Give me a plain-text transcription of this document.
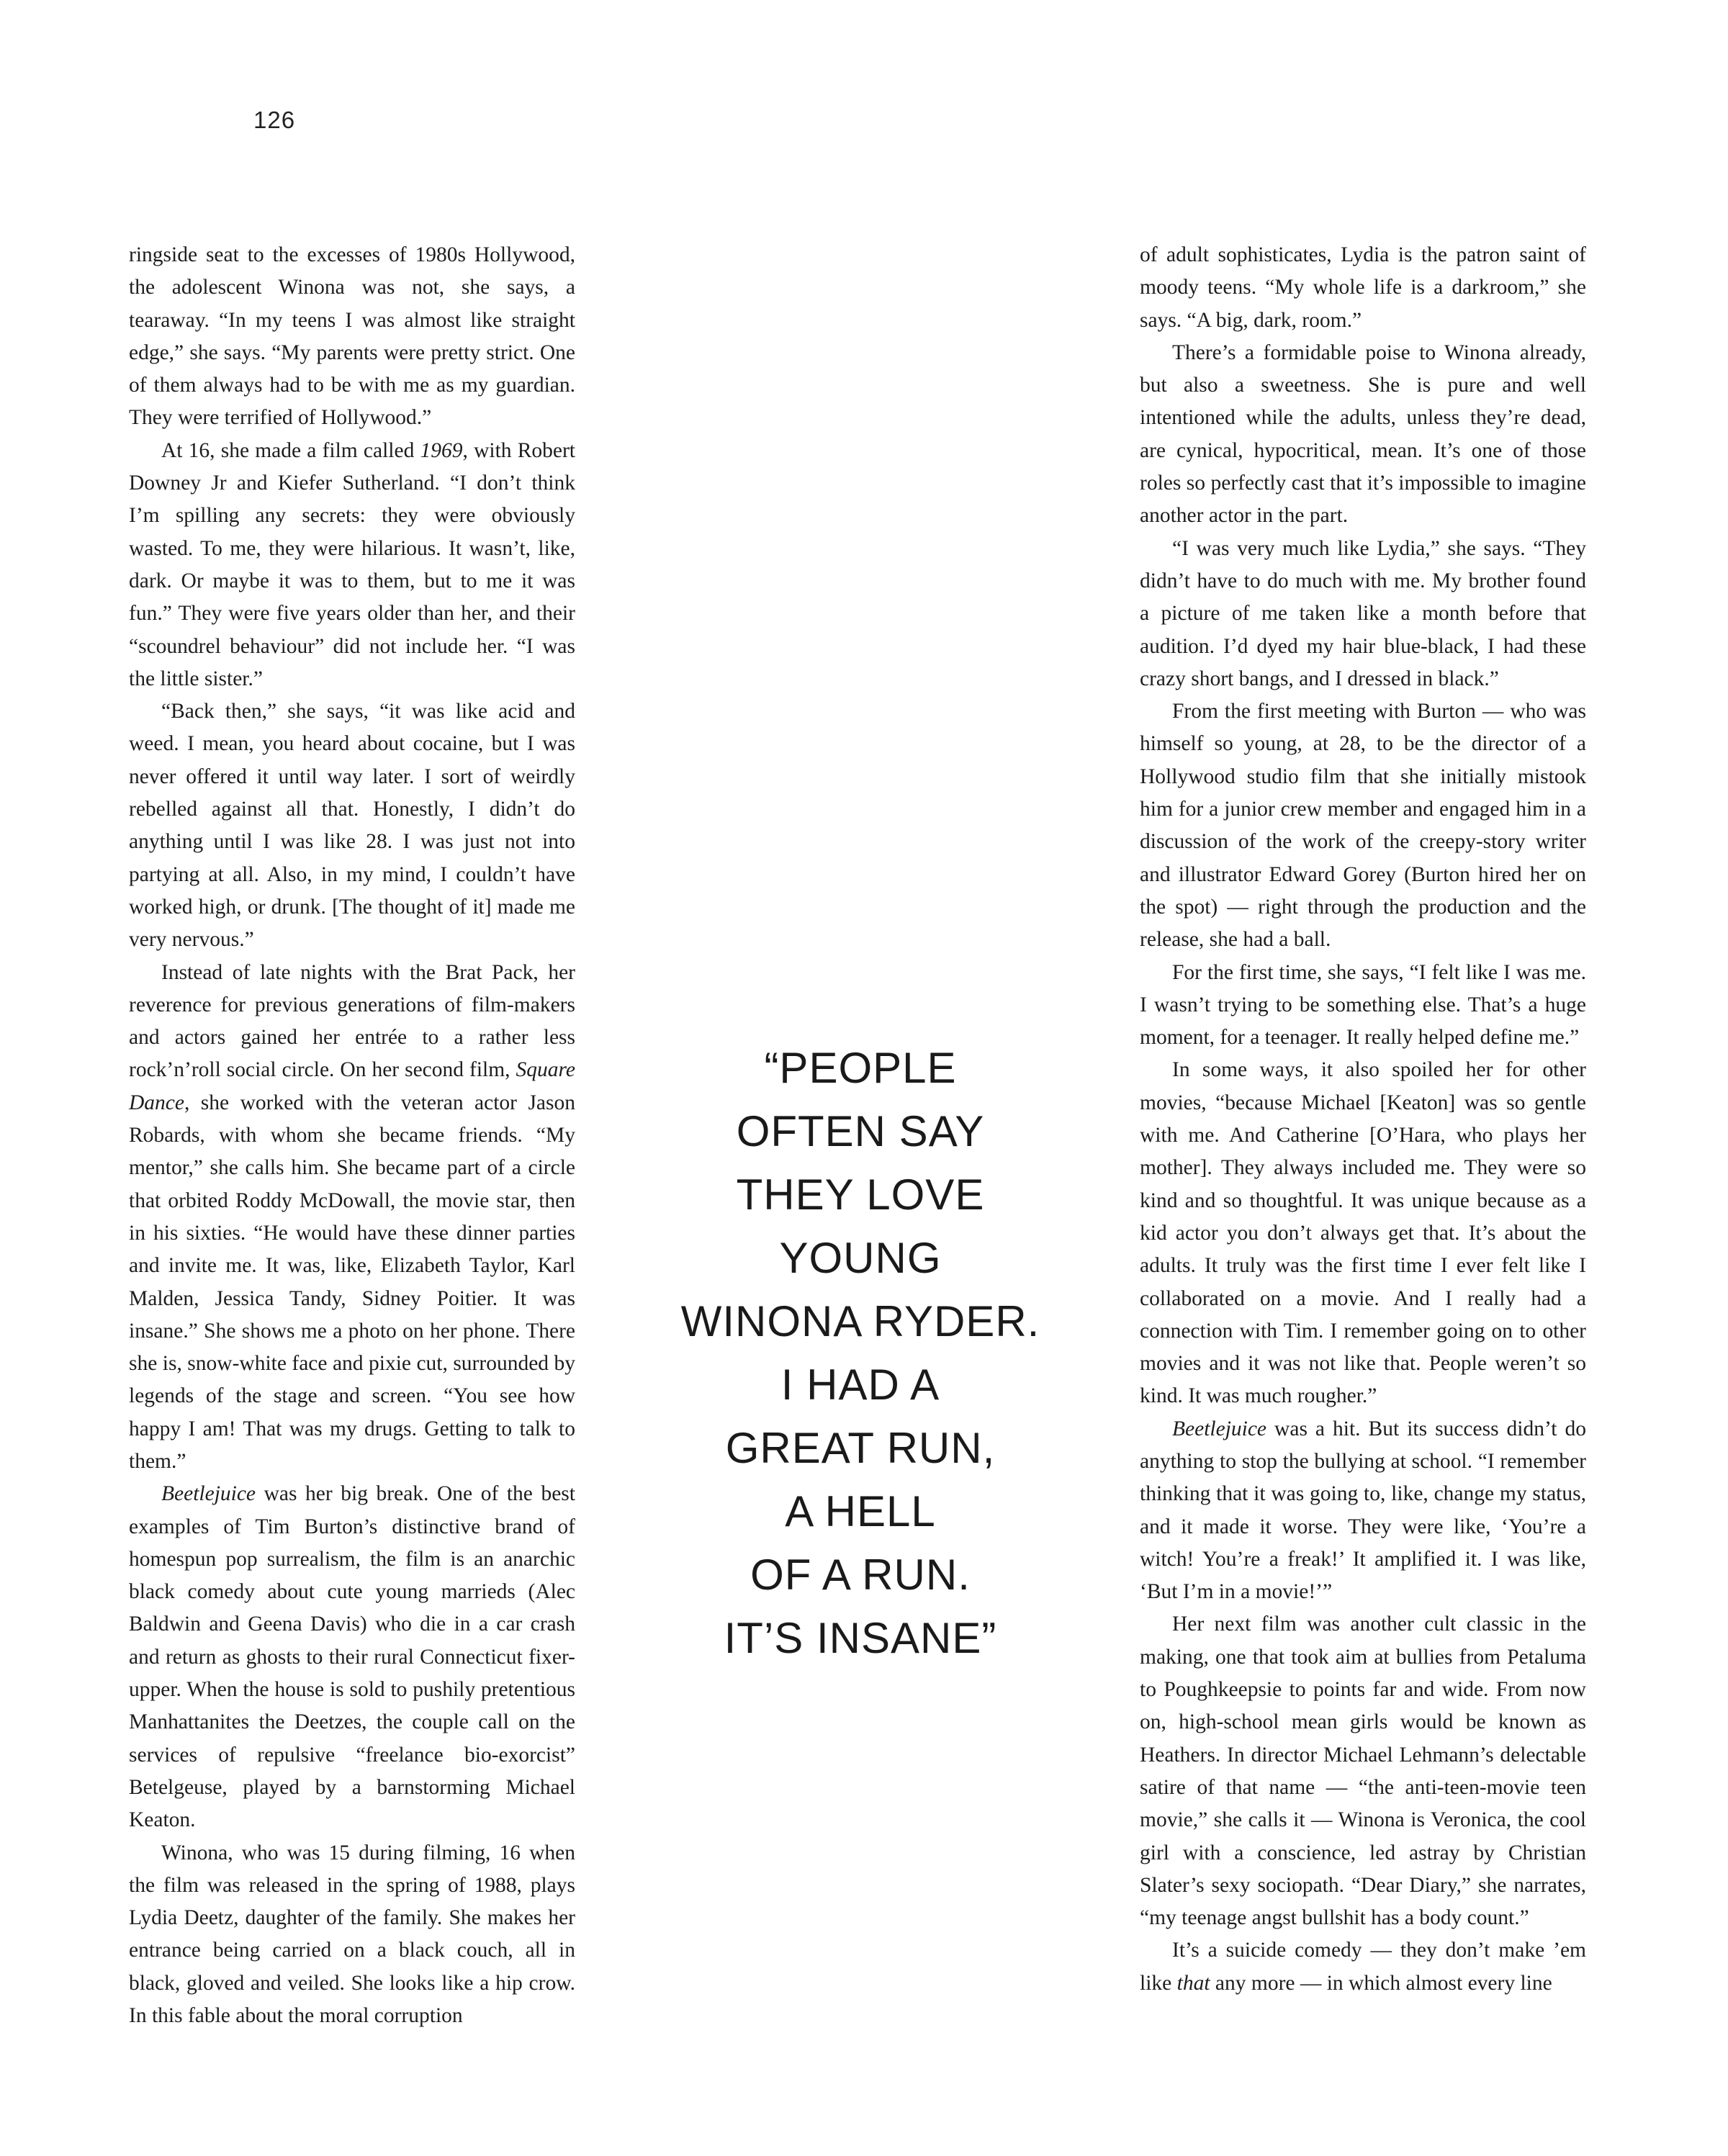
126

ringside seat to the excesses of 1980s Hollywood, the adolescent Winona was not, she says, a tearaway. “In my teens I was almost like straight edge,” she says. “My parents were pretty strict. One of them always had to be with me as my guardian. They were terrified of Hollywood.”

At 16, she made a film called 1969, with Robert Downey Jr and Kiefer Sutherland. “I don’t think I’m spilling any secrets: they were obviously wasted. To me, they were hilarious. It wasn’t, like, dark. Or maybe it was to them, but to me it was fun.” They were five years older than her, and their “scoundrel behaviour” did not include her. “I was the little sister.”

“Back then,” she says, “it was like acid and weed. I mean, you heard about cocaine, but I was never offered it until way later. I sort of weirdly rebelled against all that. Honestly, I didn’t do anything until I was like 28. I was just not into partying at all. Also, in my mind, I couldn’t have worked high, or drunk. [The thought of it] made me very nervous.”

Instead of late nights with the Brat Pack, her reverence for previous generations of film-makers and actors gained her entrée to a rather less rock’n’roll social circle. On her second film, Square Dance, she worked with the veteran actor Jason Robards, with whom she became friends. “My mentor,” she calls him. She became part of a circle that orbited Roddy McDowall, the movie star, then in his sixties. “He would have these dinner parties and invite me. It was, like, Elizabeth Taylor, Karl Malden, Jessica Tandy, Sidney Poitier. It was insane.” She shows me a photo on her phone. There she is, snow-white face and pixie cut, surrounded by legends of the stage and screen. “You see how happy I am! That was my drugs. Getting to talk to them.”

Beetlejuice was her big break. One of the best examples of Tim Burton’s distinctive brand of homespun pop surrealism, the film is an anarchic black comedy about cute young marrieds (Alec Baldwin and Geena Davis) who die in a car crash and return as ghosts to their rural Connecticut fixer-upper. When the house is sold to pushily pretentious Manhattanites the Deetzes, the couple call on the services of repulsive “freelance bio-exorcist” Betelgeuse, played by a barnstorming Michael Keaton.

Winona, who was 15 during filming, 16 when the film was released in the spring of 1988, plays Lydia Deetz, daughter of the family. She makes her entrance being carried on a black couch, all in black, gloved and veiled. She looks like a hip crow. In this fable about the moral corruption

“PEOPLE
OFTEN SAY
THEY LOVE
YOUNG
WINONA RYDER.
I HAD A
GREAT RUN,
A HELL
OF A RUN.
IT’S INSANE”

of adult sophisticates, Lydia is the patron saint of moody teens. “My whole life is a darkroom,” she says. “A big, dark, room.”

There’s a formidable poise to Winona already, but also a sweetness. She is pure and well intentioned while the adults, unless they’re dead, are cynical, hypocritical, mean. It’s one of those roles so perfectly cast that it’s impossible to imagine another actor in the part.

“I was very much like Lydia,” she says. “They didn’t have to do much with me. My brother found a picture of me taken like a month before that audition. I’d dyed my hair blue-black, I had these crazy short bangs, and I dressed in black.”

From the first meeting with Burton — who was himself so young, at 28, to be the director of a Hollywood studio film that she initially mistook him for a junior crew member and engaged him in a discussion of the work of the creepy-story writer and illustrator Edward Gorey (Burton hired her on the spot) — right through the production and the release, she had a ball.

For the first time, she says, “I felt like I was me. I wasn’t trying to be something else. That’s a huge moment, for a teenager. It really helped define me.”

In some ways, it also spoiled her for other movies, “because Michael [Keaton] was so gentle with me. And Catherine [O’Hara, who plays her mother]. They always included me. They were so kind and so thoughtful. It was unique because as a kid actor you don’t always get that. It’s about the adults. It truly was the first time I ever felt like I collaborated on a movie. And I really had a connection with Tim. I remember going on to other movies and it was not like that. People weren’t so kind. It was much rougher.”

Beetlejuice was a hit. But its success didn’t do anything to stop the bullying at school. “I remember thinking that it was going to, like, change my status, and it made it worse. They were like, ‘You’re a witch! You’re a freak!’ It amplified it. I was like, ‘But I’m in a movie!’”

Her next film was another cult classic in the making, one that took aim at bullies from Petaluma to Poughkeepsie to points far and wide. From now on, high-school mean girls would be known as Heathers. In director Michael Lehmann’s delectable satire of that name — “the anti-teen-movie teen movie,” she calls it — Winona is Veronica, the cool girl with a conscience, led astray by Christian Slater’s sexy sociopath. “Dear Diary,” she narrates, “my teenage angst bullshit has a body count.”

It’s a suicide comedy — they don’t make ’em like that any more — in which almost every line
